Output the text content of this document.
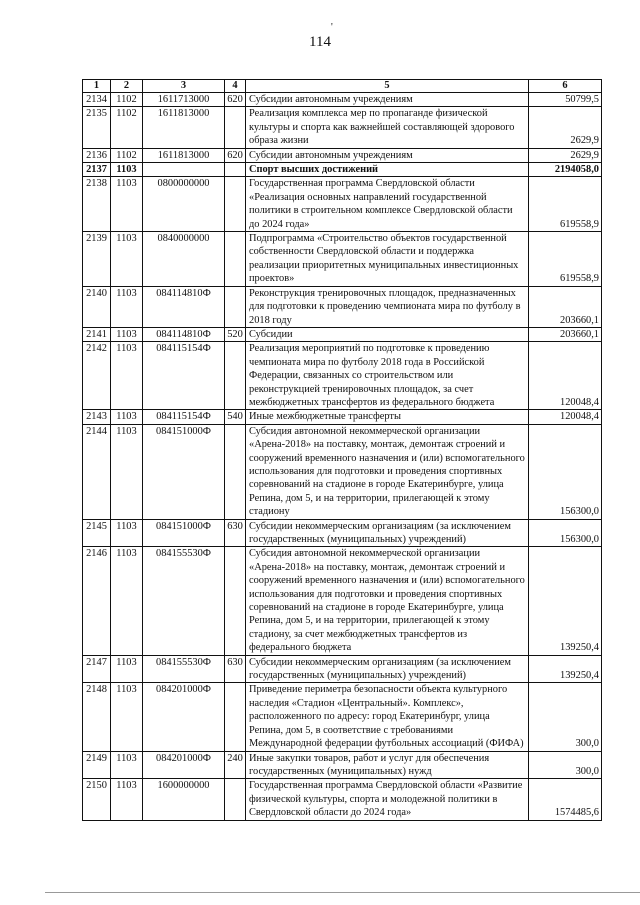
'
114
1	2	3	4	5	6
2134	1102	1611713000	620	Субсидии автономным учреждениям	50799,5
2135	1102	1611813000		Реализация комплекса мер по пропаганде физической культуры и спорта как важнейшей составляющей здорового образа жизни	2629,9
2136	1102	1611813000	620	Субсидии автономным учреждениям	2629,9
2137	1103			Спорт высших достижений	2194058,0
2138	1103	0800000000		Государственная программа Свердловской области «Реализация основных направлений государственной политики в строительном комплексе Свердловской области до 2024 года»	619558,9
2139	1103	0840000000		Подпрограмма «Строительство объектов государственной собственности Свердловской области и поддержка реализации приоритетных муниципальных инвестиционных проектов»	619558,9
2140	1103	084114810Ф		Реконструкция тренировочных площадок, предназначенных для подготовки к проведению чемпионата мира по футболу в 2018 году	203660,1
2141	1103	084114810Ф	520	Субсидии	203660,1
2142	1103	084115154Ф		Реализация мероприятий по подготовке к проведению чемпионата мира по футболу 2018 года в Российской Федерации, связанных со строительством или реконструкцией тренировочных площадок, за счет межбюджетных трансфертов из федерального бюджета	120048,4
2143	1103	084115154Ф	540	Иные межбюджетные трансферты	120048,4
2144	1103	084151000Ф		Субсидия автономной некоммерческой организации «Арена-2018» на поставку, монтаж, демонтаж строений и сооружений временного назначения и (или) вспомогательного использования для подготовки и проведения спортивных соревнований на стадионе в городе Екатеринбурге, улица Репина, дом 5, и на территории, прилегающей к этому стадиону	156300,0
2145	1103	084151000Ф	630	Субсидии некоммерческим организациям (за исключением государственных (муниципальных) учреждений)	156300,0
2146	1103	084155530Ф		Субсидия автономной некоммерческой организации «Арена-2018» на поставку, монтаж, демонтаж строений и сооружений временного назначения и (или) вспомогательного использования для подготовки и проведения спортивных соревнований на стадионе в городе Екатеринбурге, улица Репина, дом 5, и на территории, прилегающей к этому стадиону, за счет межбюджетных трансфертов из федерального бюджета	139250,4
2147	1103	084155530Ф	630	Субсидии некоммерческим организациям (за исключением государственных (муниципальных) учреждений)	139250,4
2148	1103	084201000Ф		Приведение периметра безопасности объекта культурного наследия «Стадион «Центральный». Комплекс», расположенного по адресу: город Екатеринбург, улица Репина, дом 5, в соответствие с требованиями Международной федерации футбольных ассоциаций (ФИФА)	300,0
2149	1103	084201000Ф	240	Иные закупки товаров, работ и услуг для обеспечения государственных (муниципальных) нужд	300,0
2150	1103	1600000000		Государственная программа Свердловской области «Развитие физической культуры, спорта и молодежной политики в Свердловской области до 2024 года»	1574485,6
